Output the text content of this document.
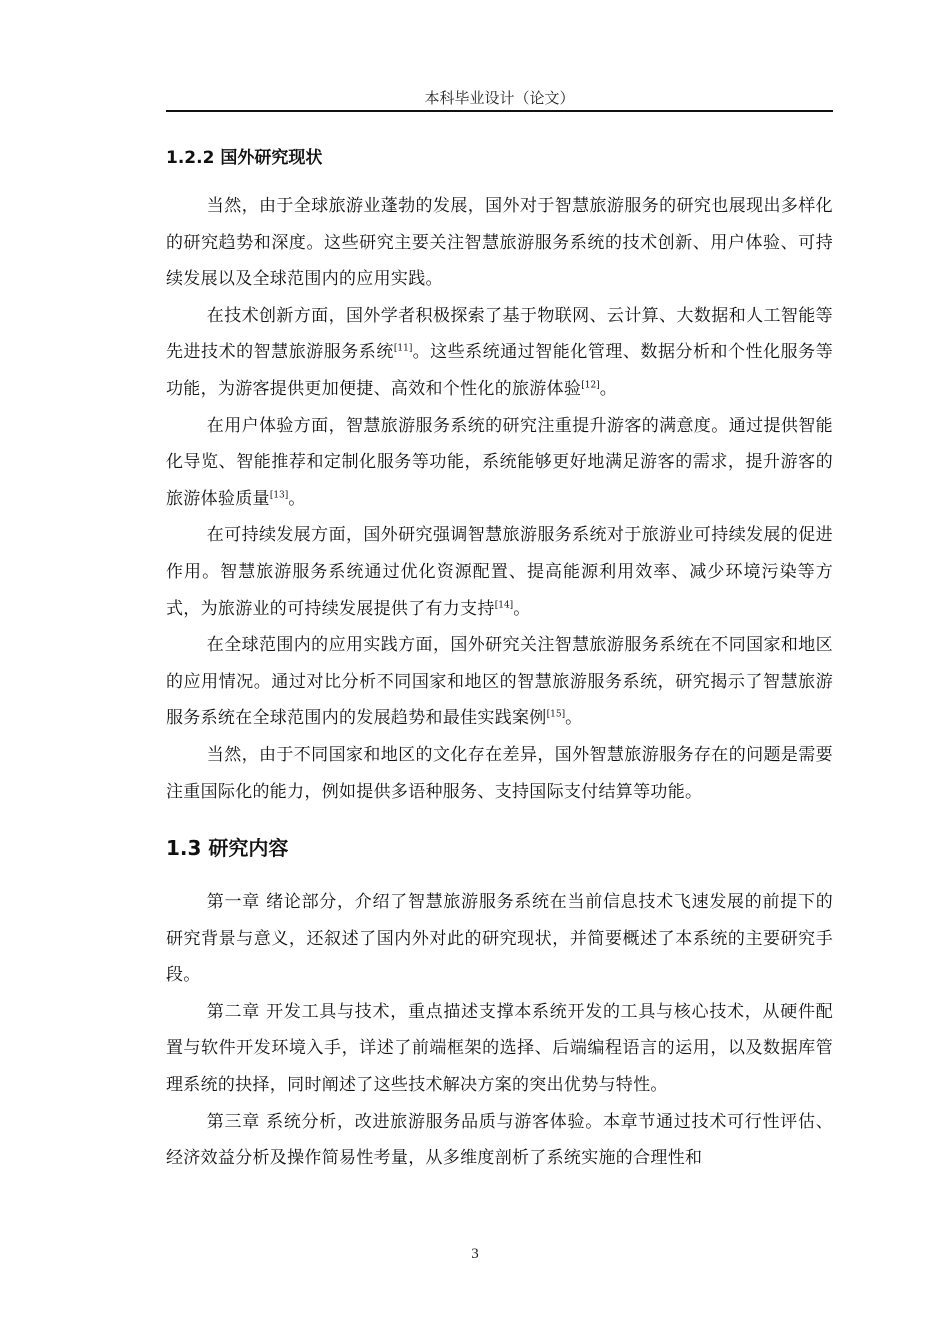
本科毕业设计（论文）
1.2.2 国外研究现状

当然，由于全球旅游业蓬勃的发展，国外对于智慧旅游服务的研究也展现出多样化的研究趋势和深度。这些研究主要关注智慧旅游服务系统的技术创新、用户体验、可持续发展以及全球范围内的应用实践。

在技术创新方面，国外学者积极探索了基于物联网、云计算、大数据和人工智能等先进技术的智慧旅游服务系统[11]。这些系统通过智能化管理、数据分析和个性化服务等功能，为游客提供更加便捷、高效和个性化的旅游体验[12]。

在用户体验方面，智慧旅游服务系统的研究注重提升游客的满意度。通过提供智能化导览、智能推荐和定制化服务等功能，系统能够更好地满足游客的需求，提升游客的旅游体验质量[13]。

在可持续发展方面，国外研究强调智慧旅游服务系统对于旅游业可持续发展的促进作用。智慧旅游服务系统通过优化资源配置、提高能源利用效率、减少环境污染等方式，为旅游业的可持续发展提供了有力支持[14]。

在全球范围内的应用实践方面，国外研究关注智慧旅游服务系统在不同国家和地区的应用情况。通过对比分析不同国家和地区的智慧旅游服务系统，研究揭示了智慧旅游服务系统在全球范围内的发展趋势和最佳实践案例[15]。

当然，由于不同国家和地区的文化存在差异，国外智慧旅游服务存在的问题是需要注重国际化的能力，例如提供多语种服务、支持国际支付结算等功能。

1.3 研究内容

第一章 绪论部分，介绍了智慧旅游服务系统在当前信息技术飞速发展的前提下的研究背景与意义，还叙述了国内外对此的研究现状，并简要概述了本系统的主要研究手段。

第二章 开发工具与技术，重点描述支撑本系统开发的工具与核心技术，从硬件配置与软件开发环境入手，详述了前端框架的选择、后端编程语言的运用，以及数据库管理系统的抉择，同时阐述了这些技术解决方案的突出优势与特性。

第三章 系统分析，改进旅游服务品质与游客体验。本章节通过技术可行性评估、经济效益分析及操作简易性考量，从多维度剖析了系统实施的合理性和

3
